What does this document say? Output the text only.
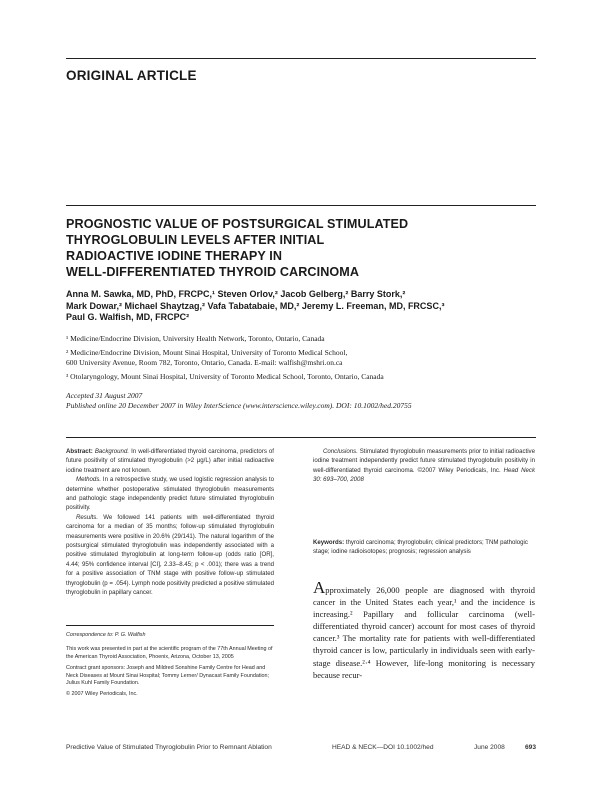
ORIGINAL ARTICLE
PROGNOSTIC VALUE OF POSTSURGICAL STIMULATED
THYROGLOBULIN LEVELS AFTER INITIAL
RADIOACTIVE IODINE THERAPY IN
WELL-DIFFERENTIATED THYROID CARCINOMA
Anna M. Sawka, MD, PhD, FRCPC,¹ Steven Orlov,² Jacob Gelberg,² Barry Stork,²
Mark Dowar,² Michael Shaytzag,² Vafa Tabatabaie, MD,² Jeremy L. Freeman, MD, FRCSC,³
Paul G. Walfish, MD, FRCPC²
¹ Medicine/Endocrine Division, University Health Network, Toronto, Ontario, Canada
² Medicine/Endocrine Division, Mount Sinai Hospital, University of Toronto Medical School,
600 University Avenue, Room 782, Toronto, Ontario, Canada. E-mail: walfish@mshri.on.ca
³ Otolaryngology, Mount Sinai Hospital, University of Toronto Medical School, Toronto, Ontario, Canada
Accepted 31 August 2007
Published online 20 December 2007 in Wiley InterScience (www.interscience.wiley.com). DOI: 10.1002/hed.20755

Abstract: Background. In well-differentiated thyroid carcinoma, predictors of future positivity of stimulated thyroglobulin (>2 μg/L) after initial radioactive iodine treatment are not known.

Methods. In a retrospective study, we used logistic regression analysis to determine whether postoperative stimulated thyroglobulin measurements and pathologic stage independently predict future stimulated thyroglobulin positivity.

Results. We followed 141 patients with well-differentiated thyroid carcinoma for a median of 35 months; follow-up stimulated thyroglobulin measurements were positive in 20.6% (29/141). The natural logarithm of the postsurgical stimulated thyroglobulin was independently associated with a positive stimulated thyroglobulin at long-term follow-up (odds ratio [OR], 4.44; 95% confidence interval [CI], 2.33–8.45; p < .001); there was a trend for a positive association of TNM stage with positive follow-up stimulated thyroglobulin (p = .054). Lymph node positivity predicted a positive stimulated thyroglobulin in papillary cancer.

Conclusions. Stimulated thyroglobulin measurements prior to initial radioactive iodine treatment independently predict future stimulated thyroglobulin positivity in well-differentiated thyroid carcinoma. ©2007 Wiley Periodicals, Inc. Head Neck 30: 693–700, 2008

Keywords: thyroid carcinoma; thyroglobulin; clinical predictors; TNM pathologic stage; iodine radioisotopes; prognosis; regression analysis
Approximately 26,000 people are diagnosed with thyroid cancer in the United States each year,¹ and the incidence is increasing.² Papillary and follicular carcinoma (well-differentiated thyroid cancer) account for most cases of thyroid cancer.³ The mortality rate for patients with well-differentiated thyroid cancer is low, particularly in individuals seen with early-stage disease.²·⁴ However, life-long monitoring is necessary because recur-

Correspondence to: P. G. Walfish

This work was presented in part at the scientific program of the 77th Annual Meeting of the American Thyroid Association, Phoenix, Arizona, October 13, 2005

Contract grant sponsors: Joseph and Mildred Sonshine Family Centre for Head and Neck Diseases at Mount Sinai Hospital; Tommy Lerner/ Dynacast Family Foundation; Julius Kuhl Family Foundation.

© 2007 Wiley Periodicals, Inc.

Predictive Value of Stimulated Thyroglobulin Prior to Remnant Ablation	HEAD & NECK—DOI 10.1002/hed	June 2008	693
